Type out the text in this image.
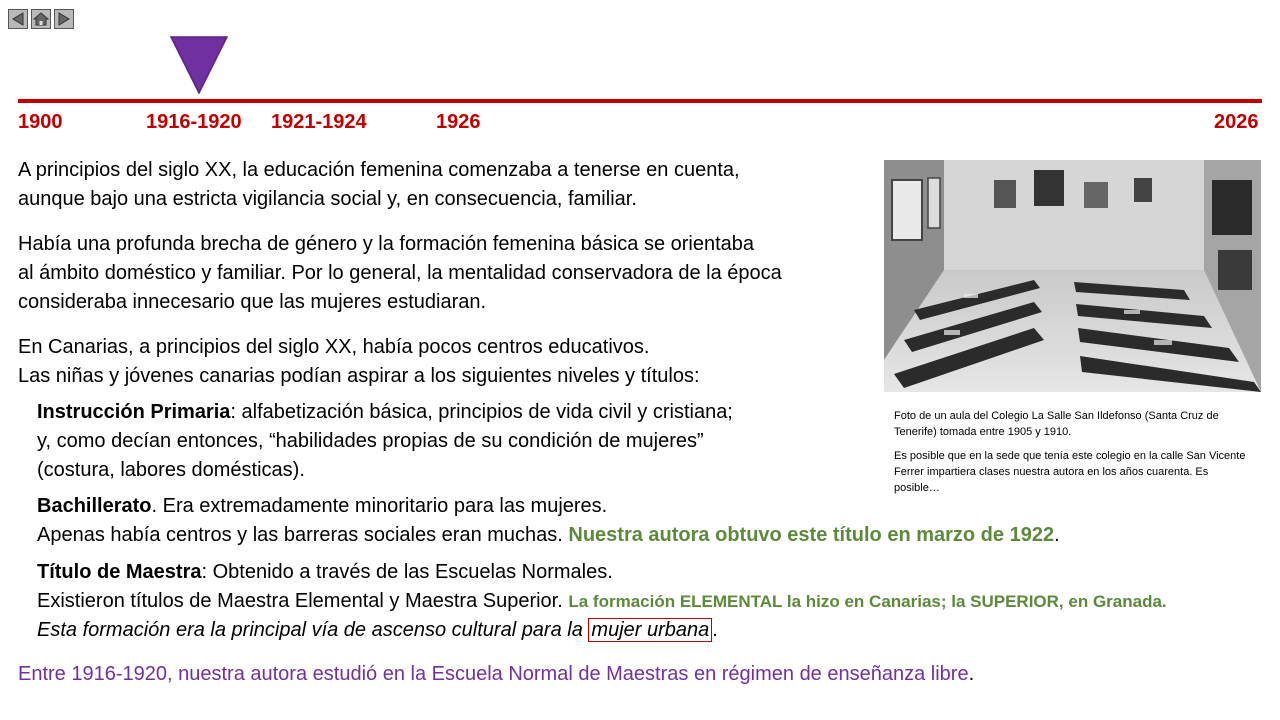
1900	1916-1920 1921-1924	1926	2026
A principios del siglo XX, la educación femenina comenzaba a tenerse en cuenta,
aunque bajo una estricta vigilancia social y, en consecuencia, familiar.
Había una profunda brecha de género y la formación femenina básica se orientaba
al ámbito doméstico y familiar. Por lo general, la mentalidad conservadora de la época
consideraba innecesario que las mujeres estudiaran.
En Canarias, a principios del siglo XX, había pocos centros educativos.
Las niñas y jóvenes canarias podían aspirar a los siguientes niveles y títulos:
Instrucción Primaria: alfabetización básica, principios de vida civil y cristiana;
y, como decían entonces, “habilidades propias de su condición de mujeres”
(costura, labores domésticas).
Bachillerato. Era extremadamente minoritario para las mujeres.
Apenas había centros y las barreras sociales eran muchas. Nuestra autora obtuvo este título en marzo de 1922.
Título de Maestra: Obtenido a través de las Escuelas Normales.
Existieron títulos de Maestra Elemental y Maestra Superior. La formación ELEMENTAL la hizo en Canarias; la SUPERIOR, en Granada.
Esta formación era la principal vía de ascenso cultural para la mujer urbana .
Entre 1916-1920, nuestra autora estudió en la Escuela Normal de Maestras en régimen de enseñanza libre.
Foto de un aula del Colegio La Salle San Ildefonso (Santa Cruz de Tenerife) tomada entre 1905 y 1910.
Es posible que en la sede que tenía este colegio en la calle San Vicente Ferrer impartiera clases nuestra autora en los años cuarenta. Es posible…
